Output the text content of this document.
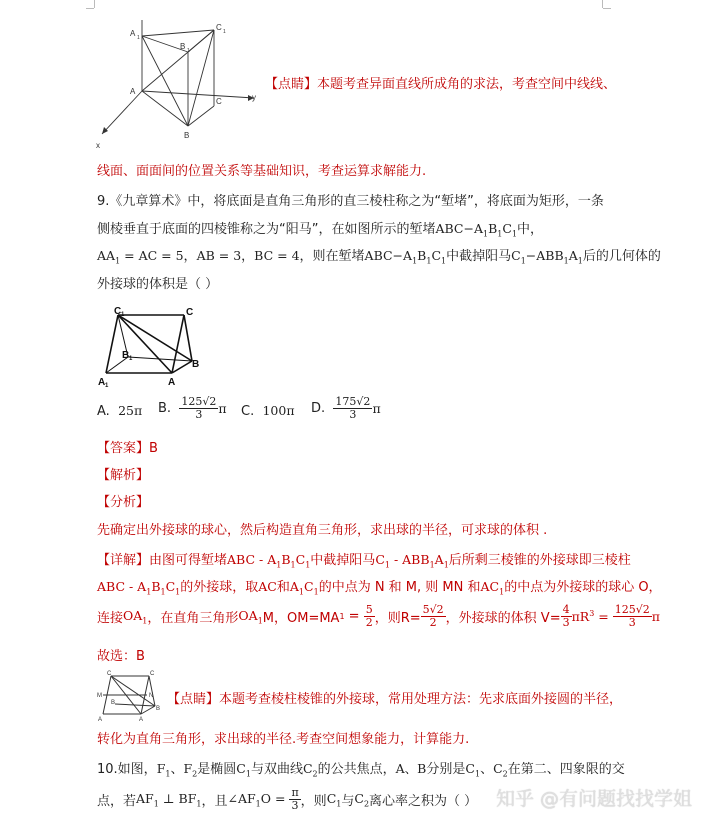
A 1
C 1
B 1
A
C
B
y
x
【点睛】本题考查异面直线所成角的求法，考查空间中线线、
线面、面面间的位置关系等基础知识，考查运算求解能力.
9.《九章算术》中，将底面是直角三角形的直三棱柱称之为“堑堵”，将底面为矩形，一条
侧棱垂直于底面的四棱锥称之为“阳马”，在如图所示的堑堵$ABC-A_1B_1C_1$中，
$AA_1$ = AC = 5，AB = 3，BC = 4，则在堑堵$ABC-A_1B_1C_1$中截掉阳马$C_1-ABB_1A_1$后的几何体的
外接球的体积是（ ）
C 1	C
B 1	B
A 1	A
A. 25π B. $\frac{125√2}{3}$ π C. 100π D. $\frac{175√2}{3}$ π
【答案】B
【解析】
【分析】
先确定出外接球的球心，然后构造直角三角形，求出球的半径，可求球的体积 .
【详解】由图可得堑堵ABC - $A_1B_1C_1$中截掉阳马$C_1 - ABB_1A_1$后所剩三棱锥的外接球即三棱柱
ABC - $A_1B_1C_1$的外接球，取AC和$A_1C_1$的中点为 N 和 M, 则 MN 和$AC_1$的中点为外接球的球心 O，
连接$OA_1$，在直角三角形$OA_1M$，$OM=MA1 = \frac{5}{2}$ ，则$R= \frac{5√2}{2}$ ，外接球的体积 $V= \frac{4}{3} \pi R^3 = \frac{125√2}{3}$ π
故选：B
C	C
M	N
B
B
A	A
【点睛】本题考查棱柱棱锥的外接球，常用处理方法：先求底面外接圆的半径，
转化为直角三角形，求出球的半径.考查空间想象能力，计算能力.
10.如图，$F_1$、$F_2$是椭圆$C_1$与双曲线$C_2$的公共焦点，A、B分别是$C_1$、$C_2$在第二、四象限的交
点，若$AF_1$ ⊥ $BF_1$，且$\angle AF_1O = \frac{\pi}{3}$ ，则$C_1$与$C_2$离心率之积为（ ） 知乎 @有问题找找学姐
